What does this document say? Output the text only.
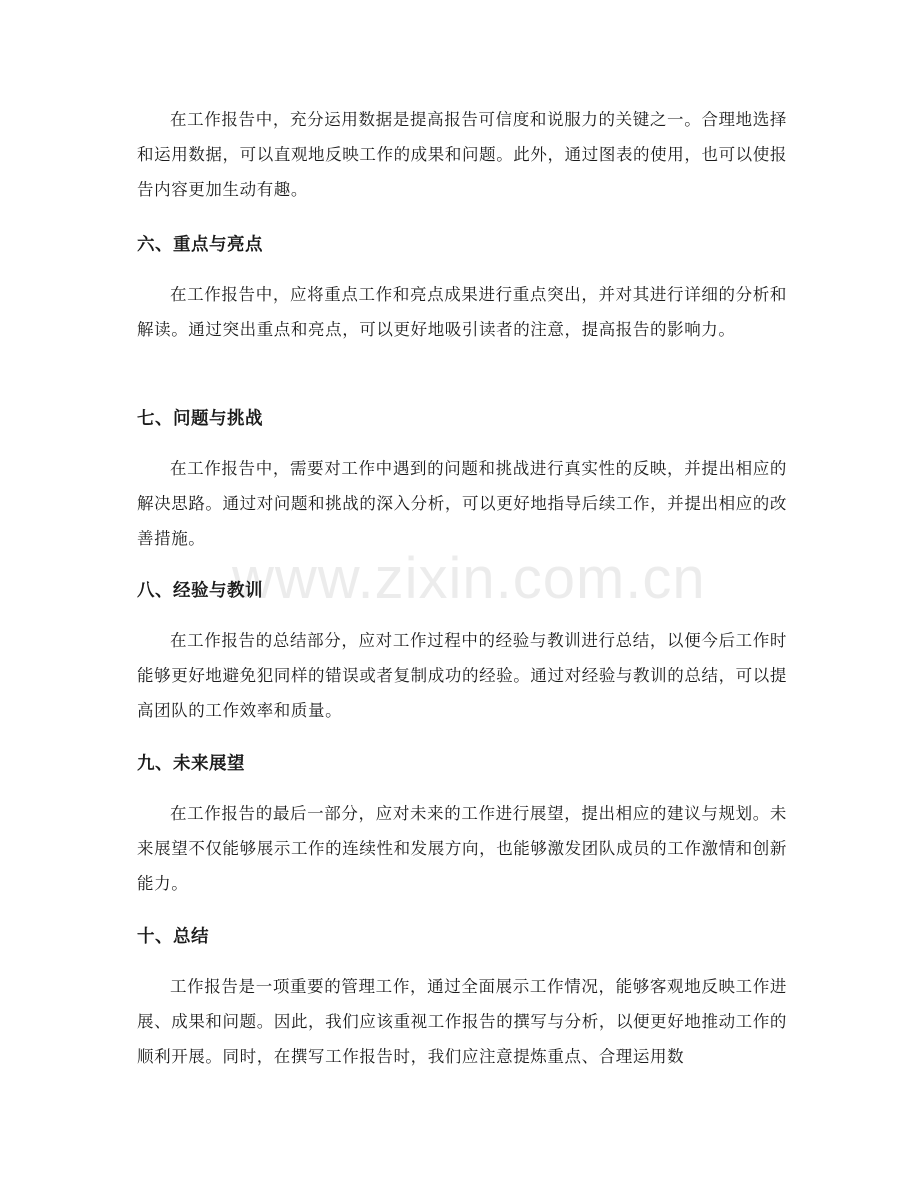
www.zixin.com.cn

在工作报告中，充分运用数据是提高报告可信度和说服力的关键之一。合理地选择和运用数据，可以直观地反映工作的成果和问题。此外，通过图表的使用，也可以使报告内容更加生动有趣。

六、重点与亮点

在工作报告中，应将重点工作和亮点成果进行重点突出，并对其进行详细的分析和解读。通过突出重点和亮点，可以更好地吸引读者的注意，提高报告的影响力。

七、问题与挑战

在工作报告中，需要对工作中遇到的问题和挑战进行真实性的反映，并提出相应的解决思路。通过对问题和挑战的深入分析，可以更好地指导后续工作，并提出相应的改善措施。

八、经验与教训

在工作报告的总结部分，应对工作过程中的经验与教训进行总结，以便今后工作时能够更好地避免犯同样的错误或者复制成功的经验。通过对经验与教训的总结，可以提高团队的工作效率和质量。

九、未来展望

在工作报告的最后一部分，应对未来的工作进行展望，提出相应的建议与规划。未来展望不仅能够展示工作的连续性和发展方向，也能够激发团队成员的工作激情和创新能力。

十、总结

工作报告是一项重要的管理工作，通过全面展示工作情况，能够客观地反映工作进展、成果和问题。因此，我们应该重视工作报告的撰写与分析，以便更好地推动工作的顺利开展。同时，在撰写工作报告时，我们应注意提炼重点、合理运用数
